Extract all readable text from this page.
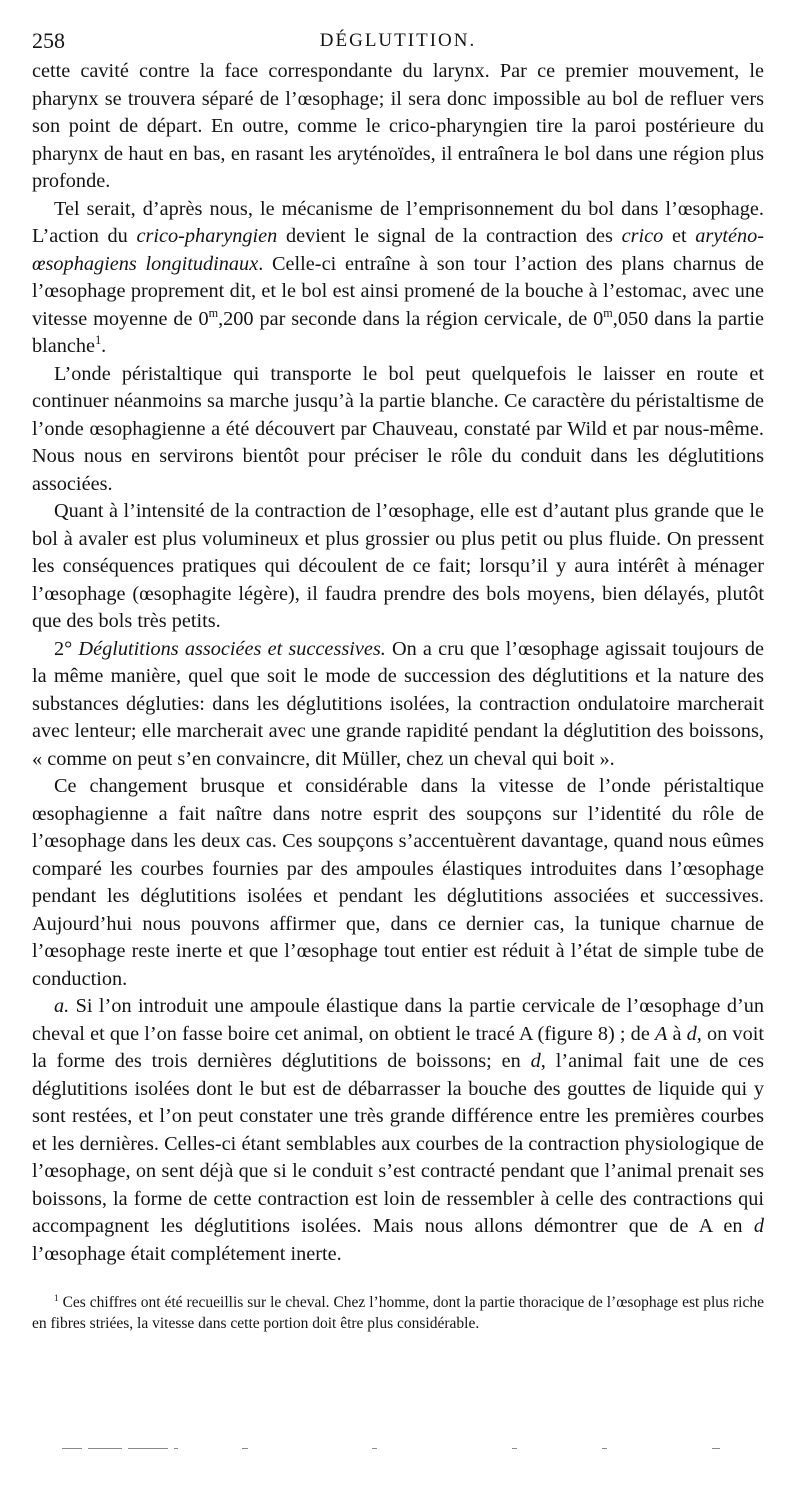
258	DÉGLUTITION.

cette cavité contre la face correspondante du larynx. Par ce premier mouvement, le pharynx se trouvera séparé de l’œsophage; il sera donc impossible au bol de refluer vers son point de départ. En outre, comme le crico-pharyngien tire la paroi postérieure du pharynx de haut en bas, en rasant les aryténoïdes, il entraînera le bol dans une région plus profonde.

Tel serait, d’après nous, le mécanisme de l’emprisonnement du bol dans l’œsophage. L’action du crico-pharyngien devient le signal de la contraction des crico et aryténo-œsophagiens longitudinaux. Celle-ci entraîne à son tour l’action des plans charnus de l’œsophage proprement dit, et le bol est ainsi promené de la bouche à l’estomac, avec une vitesse moyenne de 0$^m$,200 par seconde dans la région cervicale, de 0$^m$,050 dans la partie blanche$^1$.

L’onde péristaltique qui transporte le bol peut quelquefois le laisser en route et continuer néanmoins sa marche jusqu’à la partie blanche. Ce caractère du péristaltisme de l’onde œsophagienne a été découvert par Chauveau, constaté par Wild et par nous-même. Nous nous en servirons bientôt pour préciser le rôle du conduit dans les déglutitions associées.

Quant à l’intensité de la contraction de l’œsophage, elle est d’autant plus grande que le bol à avaler est plus volumineux et plus grossier ou plus petit ou plus fluide. On pressent les conséquences pratiques qui découlent de ce fait; lorsqu’il y aura intérêt à ménager l’œsophage (œsophagite légère), il faudra prendre des bols moyens, bien délayés, plutôt que des bols très petits.

2° Déglutitions associées et successives. On a cru que l’œsophage agissait toujours de la même manière, quel que soit le mode de succession des déglutitions et la nature des substances dégluties: dans les déglutitions isolées, la contraction ondulatoire marcherait avec lenteur; elle marcherait avec une grande rapidité pendant la déglutition des boissons, « comme on peut s’en convaincre, dit Müller, chez un cheval qui boit ».

Ce changement brusque et considérable dans la vitesse de l’onde péristaltique œsophagienne a fait naître dans notre esprit des soupçons sur l’identité du rôle de l’œsophage dans les deux cas. Ces soupçons s’accentuèrent davantage, quand nous eûmes comparé les courbes fournies par des ampoules élastiques introduites dans l’œsophage pendant les déglutitions isolées et pendant les déglutitions associées et successives. Aujourd’hui nous pouvons affirmer que, dans ce dernier cas, la tunique charnue de l’œsophage reste inerte et que l’œsophage tout entier est réduit à l’état de simple tube de conduction.

a. Si l’on introduit une ampoule élastique dans la partie cervicale de l’œsophage d’un cheval et que l’on fasse boire cet animal, on obtient le tracé A (figure 8) ; de A à d, on voit la forme des trois dernières déglutitions de boissons; en d, l’animal fait une de ces déglutitions isolées dont le but est de débarrasser la bouche des gouttes de liquide qui y sont restées, et l’on peut constater une très grande différence entre les premières courbes et les dernières. Celles-ci étant semblables aux courbes de la contraction physiologique de l’œsophage, on sent déjà que si le conduit s’est contracté pendant que l’animal prenait ses boissons, la forme de cette contraction est loin de ressembler à celle des contractions qui accompagnent les déglutitions isolées. Mais nous allons démontrer que de A en d l’œsophage était complétement inerte.

$^1$ Ces chiffres ont été recueillis sur le cheval. Chez l’homme, dont la partie thoracique de l’œsophage est plus riche en fibres striées, la vitesse dans cette portion doit être plus considérable.
